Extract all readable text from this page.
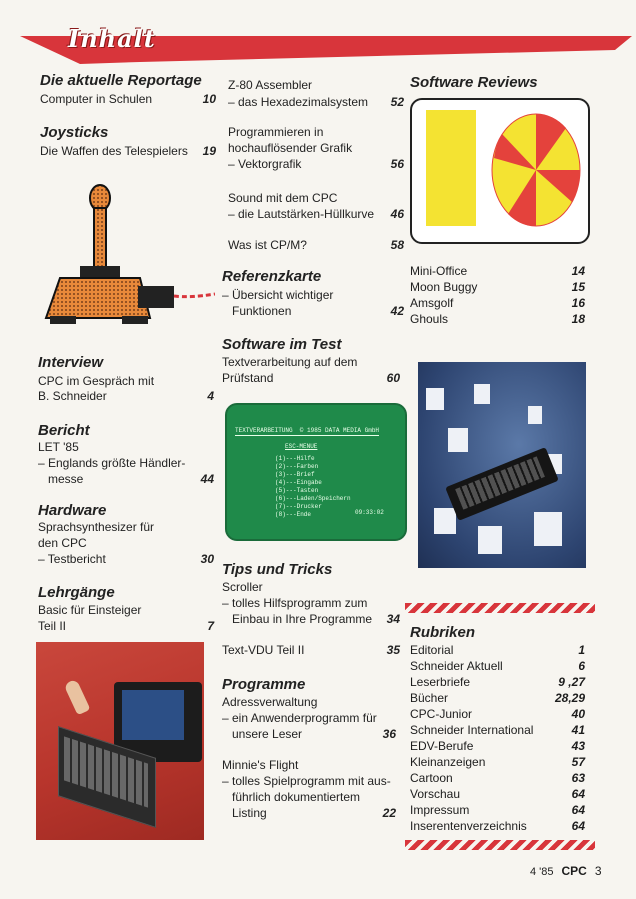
Inhalt
Die aktuelle Reportage
Computer in Schulen	10
Joysticks
Die Waffen des Telespielers	19
Interview
CPC im Gespräch mit
B. Schneider	4
Bericht
LET '85
– Englands größte Händler-
messe	44
Hardware
Sprachsynthesizer für
den CPC
– Testbericht	30
Lehrgänge
Basic für Einsteiger
Teil II	7
Z-80 Assembler
– das Hexadezimalsystem	52
Programmieren in
hochauflösender Grafik
– Vektorgrafik	56
Sound mit dem CPC
– die Lautstärken-Hüllkurve	46
Was ist CP/M?	58
Referenzkarte
– Übersicht wichtiger
Funktionen	42
Software im Test
Textverarbeitung auf dem
Prüfstand	60
TEXTVERARBEITUNG  © 1985 DATA MEDIA GmbH
ESC-MENUE
(1)---Hilfe
(2)---Farben
(3)---Brief
(4)---Eingabe
(5)---Tasten
(6)---Laden/Speichern
(7)---Drucker
(8)---Ende	09:33:02
Tips und Tricks
Scroller
– tolles Hilfsprogramm zum
Einbau in Ihre Programme	34
Text-VDU Teil II	35
Programme
Adressverwaltung
– ein Anwenderprogramm für
unsere Leser	36
Minnie's Flight
– tolles Spielprogramm mit aus-
führlich dokumentiertem
Listing	22
Software Reviews
Mini-Office	14
Moon Buggy	15
Amsgolf	16
Ghouls	18
Rubriken
Editorial	1
Schneider Aktuell	6
Leserbriefe	9 ,27
Bücher	28,29
CPC-Junior	40
Schneider International	41
EDV-Berufe	43
Kleinanzeigen	57
Cartoon	63
Vorschau	64
Impressum	64
Inserentenverzeichnis	64
4 '85 CPC 3
